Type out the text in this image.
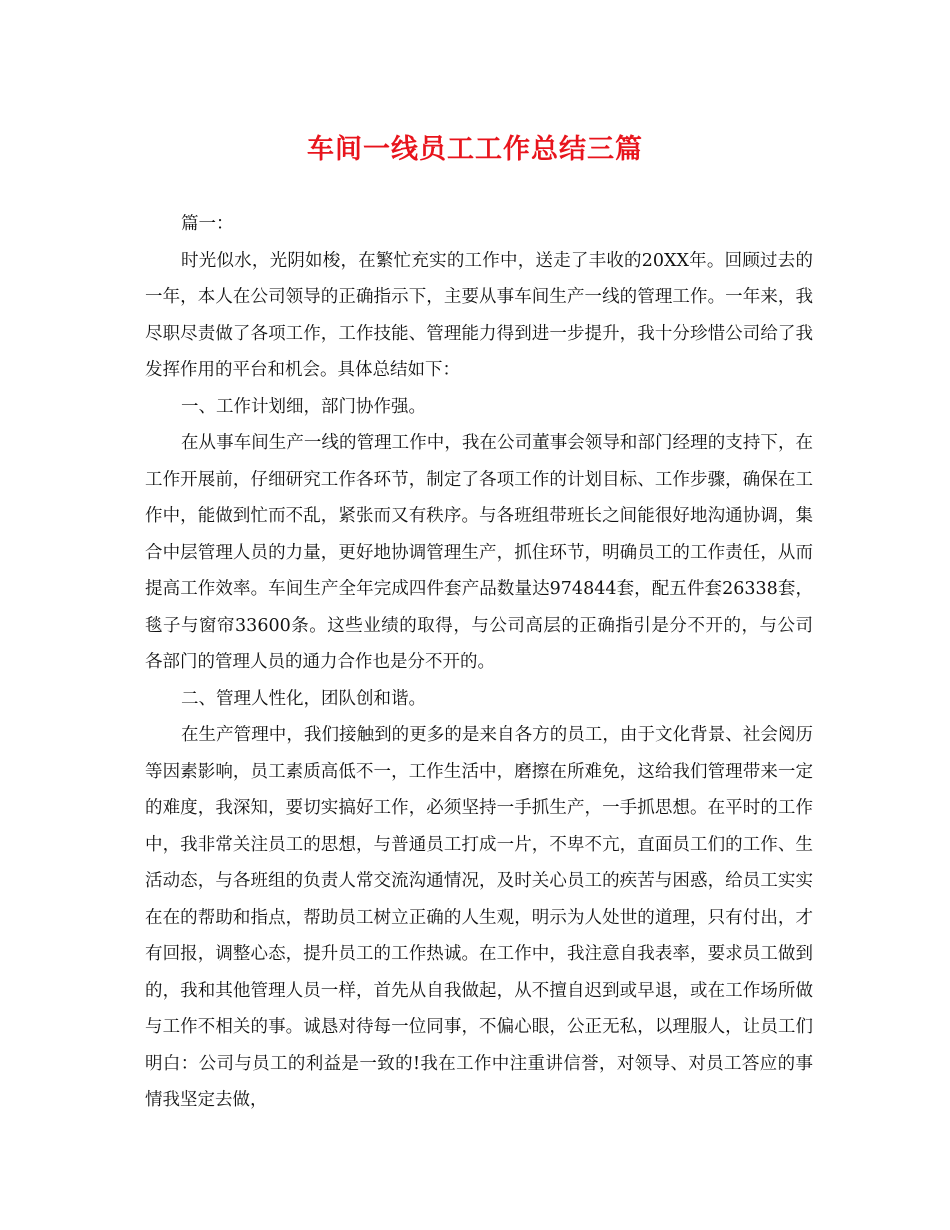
车间一线员工工作总结三篇

篇一：

时光似水，光阴如梭，在繁忙充实的工作中，送走了丰收的20XX年。回顾过去的一年，本人在公司领导的正确指示下，主要从事车间生产一线的管理工作。一年来，我尽职尽责做了各项工作，工作技能、管理能力得到进一步提升，我十分珍惜公司给了我发挥作用的平台和机会。具体总结如下：

一、工作计划细，部门协作强。

在从事车间生产一线的管理工作中，我在公司董事会领导和部门经理的支持下，在工作开展前，仔细研究工作各环节，制定了各项工作的计划目标、工作步骤，确保在工作中，能做到忙而不乱，紧张而又有秩序。与各班组带班长之间能很好地沟通协调，集合中层管理人员的力量，更好地协调管理生产，抓住环节，明确员工的工作责任，从而提高工作效率。车间生产全年完成四件套产品数量达974844套，配五件套26338套，毯子与窗帘33600条。这些业绩的取得，与公司高层的正确指引是分不开的，与公司各部门的管理人员的通力合作也是分不开的。

二、管理人性化，团队创和谐。

在生产管理中，我们接触到的更多的是来自各方的员工，由于文化背景、社会阅历等因素影响，员工素质高低不一，工作生活中，磨擦在所难免，这给我们管理带来一定的难度，我深知，要切实搞好工作，必须坚持一手抓生产，一手抓思想。在平时的工作中，我非常关注员工的思想，与普通员工打成一片，不卑不亢，直面员工们的工作、生活动态，与各班组的负责人常交流沟通情况，及时关心员工的疾苦与困惑，给员工实实在在的帮助和指点，帮助员工树立正确的人生观，明示为人处世的道理，只有付出，才有回报，调整心态，提升员工的工作热诚。在工作中，我注意自我表率，要求员工做到的，我和其他管理人员一样，首先从自我做起，从不擅自迟到或早退，或在工作场所做与工作不相关的事。诚恳对待每一位同事，不偏心眼，公正无私，以理服人，让员工们明白：公司与员工的利益是一致的!我在工作中注重讲信誉，对领导、对员工答应的事情我坚定去做，
